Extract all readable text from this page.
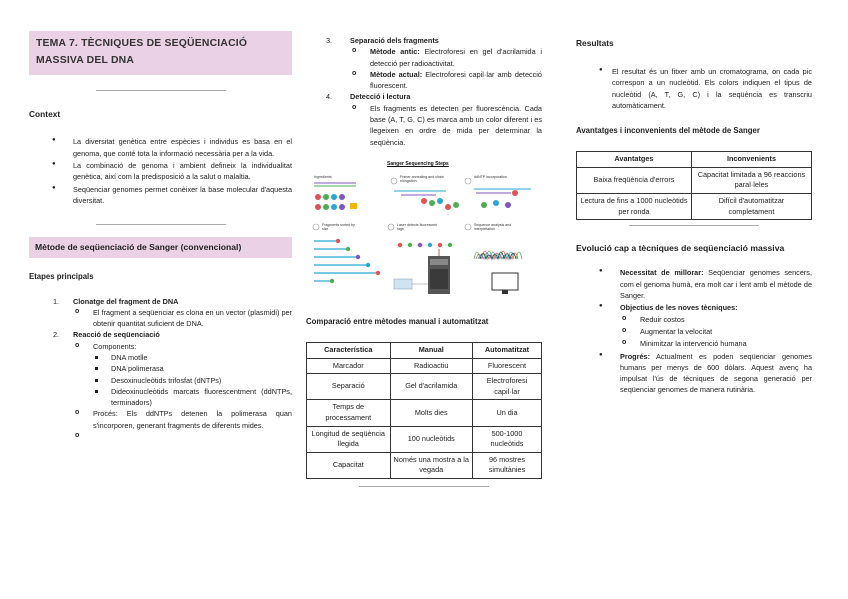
TEMA 7. TÈCNIQUES DE SEQÜENCIACIÓ MASSIVA DEL DNA
Context
● La diversitat genètica entre espècies i individus es basa en el genoma, que conté tota la informació necessària per a la vida.
● La combinació de genoma i ambient defineix la individualitat genètica, així com la predisposició a la salut o malaltia.
● Seqüenciar genomes permet conèixer la base molecular d'aquesta diversitat.
Mètode de seqüenciació de Sanger (convencional)
Etapes principals
1. Clonatge del fragment de DNA
o El fragment a seqüenciar es clona en un vector (plasmidi) per obtenir quantitat suficient de DNA.
2. Reacció de seqüenciació
o Components:
DNA motlle
DNA polimerasa
Desoxinucleòtids trifosfat (dNTPs)
Dideoxinucleòtids marcats fluorescentment (ddNTPs, terminadors)
o Procés: Els ddNTPs detenen la polimerasa quan s'incorporen, generant fragments de diferents mides.
o
3. Separació dels fragments
o Mètode antic: Electroforesi en gel d'acrilamida i detecció per radioactivitat.
o Mètode actual: Electroforesi capil·lar amb detecció fluorescent.
4. Detecció i lectura
o Els fragments es detecten per fluorescència. Cada base (A, T, G, C) es marca amb un color diferent i es llegeixen en ordre de mida per determinar la seqüència.
Sanger Sequencing Steps
Ingredients	Primer annealing and chain elongation
ddNTP incorporation
Fragments sorted by size
Laser detects fluorescent tags
Sequence analysis and interpretation
Comparació entre mètodes manual i automatitzat
Característica	Manual	Automatitzat
Marcador	Radioactiu	Fluorescent
Separació	Gel d'acrilamida	Electroforesi capil·lar
Temps de processament	Molts dies	Un dia
Longitud de seqüència llegida	100 nucleòtids	500-1000 nucleòtids
Capacitat	Només una mostra a la vegada	96 mostres simultànies
Resultats
● El resultat és un fitxer amb un cromatograma, on cada pic correspon a un nucleòtid. Els colors indiquen el tipus de nucleòtid (A, T, G, C) i la seqüència es transcriu automàticament.
Avantatges i inconvenients del mètode de Sanger
Avantatges	Inconvenients
Baixa freqüència d'errors	Capacitat limitada a 96 reaccions paral·leles
Lectura de fins a 1000 nucleòtids per ronda	Difícil d'automatitzar completament
Evolució cap a tècniques de seqüenciació massiva
● Necessitat de millorar: Seqüenciar genomes sencers, com el genoma humà, era molt car i lent amb el mètode de Sanger.
● Objectius de les noves tècniques:
o Reduir costos
o Augmentar la velocitat
o Minimitzar la intervenció humana
● Progrés: Actualment es poden seqüenciar genomes humans per menys de 600 dòlars. Aquest avenç ha impulsat l'ús de tècniques de segona generació per seqüenciar genomes de manera rutinària.
